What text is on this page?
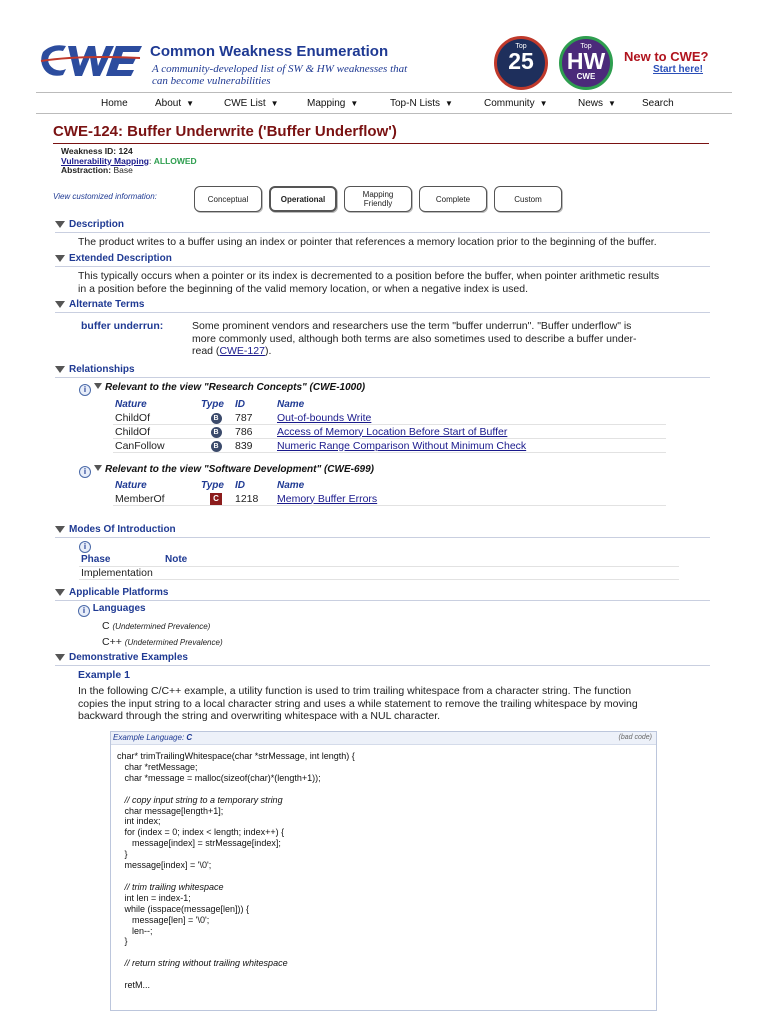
Common Weakness Enumeration
A community-developed list of SW & HW weaknesses that
can become vulnerabilities
Top
25
Top
HW
CWE
New to CWE?
Start here!
Home	About ▼	CWE List ▼	Mapping ▼	Top-N Lists ▼	Community ▼	News ▼	Search
CWE-124: Buffer Underwrite ('Buffer Underflow')
Weakness ID: 124
Vulnerability Mapping: ALLOWED
Abstraction: Base
View customized information:	Conceptual	Operational	Mapping
Friendly	Complete	Custom
Description
The product writes to a buffer using an index or pointer that references a memory location prior to the beginning of the buffer.
Extended Description
This typically occurs when a pointer or its index is decremented to a position before the buffer, when pointer arithmetic results
in a position before the beginning of the valid memory location, or when a negative index is used.
Alternate Terms
buffer underrun:	Some prominent vendors and researchers use the term "buffer underrun". "Buffer underflow" is
more commonly used, although both terms are also sometimes used to describe a buffer under-
read (CWE-127).
Relationships
i Relevant to the view "Research Concepts" (CWE-1000)
Nature	Type	ID	Name
ChildOf	B	787	Out-of-bounds Write
ChildOf	B	786	Access of Memory Location Before Start of Buffer
CanFollow	B	839	Numeric Range Comparison Without Minimum Check
i Relevant to the view "Software Development" (CWE-699)
Nature	Type	ID	Name
MemberOf	C	1218	Memory Buffer Errors
Modes Of Introduction
i
Phase	Note
Implementation	
Applicable Platforms
i Languages
C (Undetermined Prevalence)
C++ (Undetermined Prevalence)
Demonstrative Examples
Example 1
In the following C/C++ example, a utility function is used to trim trailing whitespace from a character string. The function
copies the input string to a local character string and uses a while statement to remove the trailing whitespace by moving
backward through the string and overwriting whitespace with a NUL character.
Example Language: C	(bad code)
char* trimTrailingWhitespace(char *strMessage, int length) {
char *retMessage;
char *message = malloc(sizeof(char)*(length+1));

// copy input string to a temporary string
char message[length+1];
int index;
for (index = 0; index < length; index++) {
message[index] = strMessage[index];
}
message[index] = '\0';

// trim trailing whitespace
int len = index-1;
while (isspace(message[len])) {
message[len] = '\0';
len--;
}

// return string without trailing whitespace

retM...
